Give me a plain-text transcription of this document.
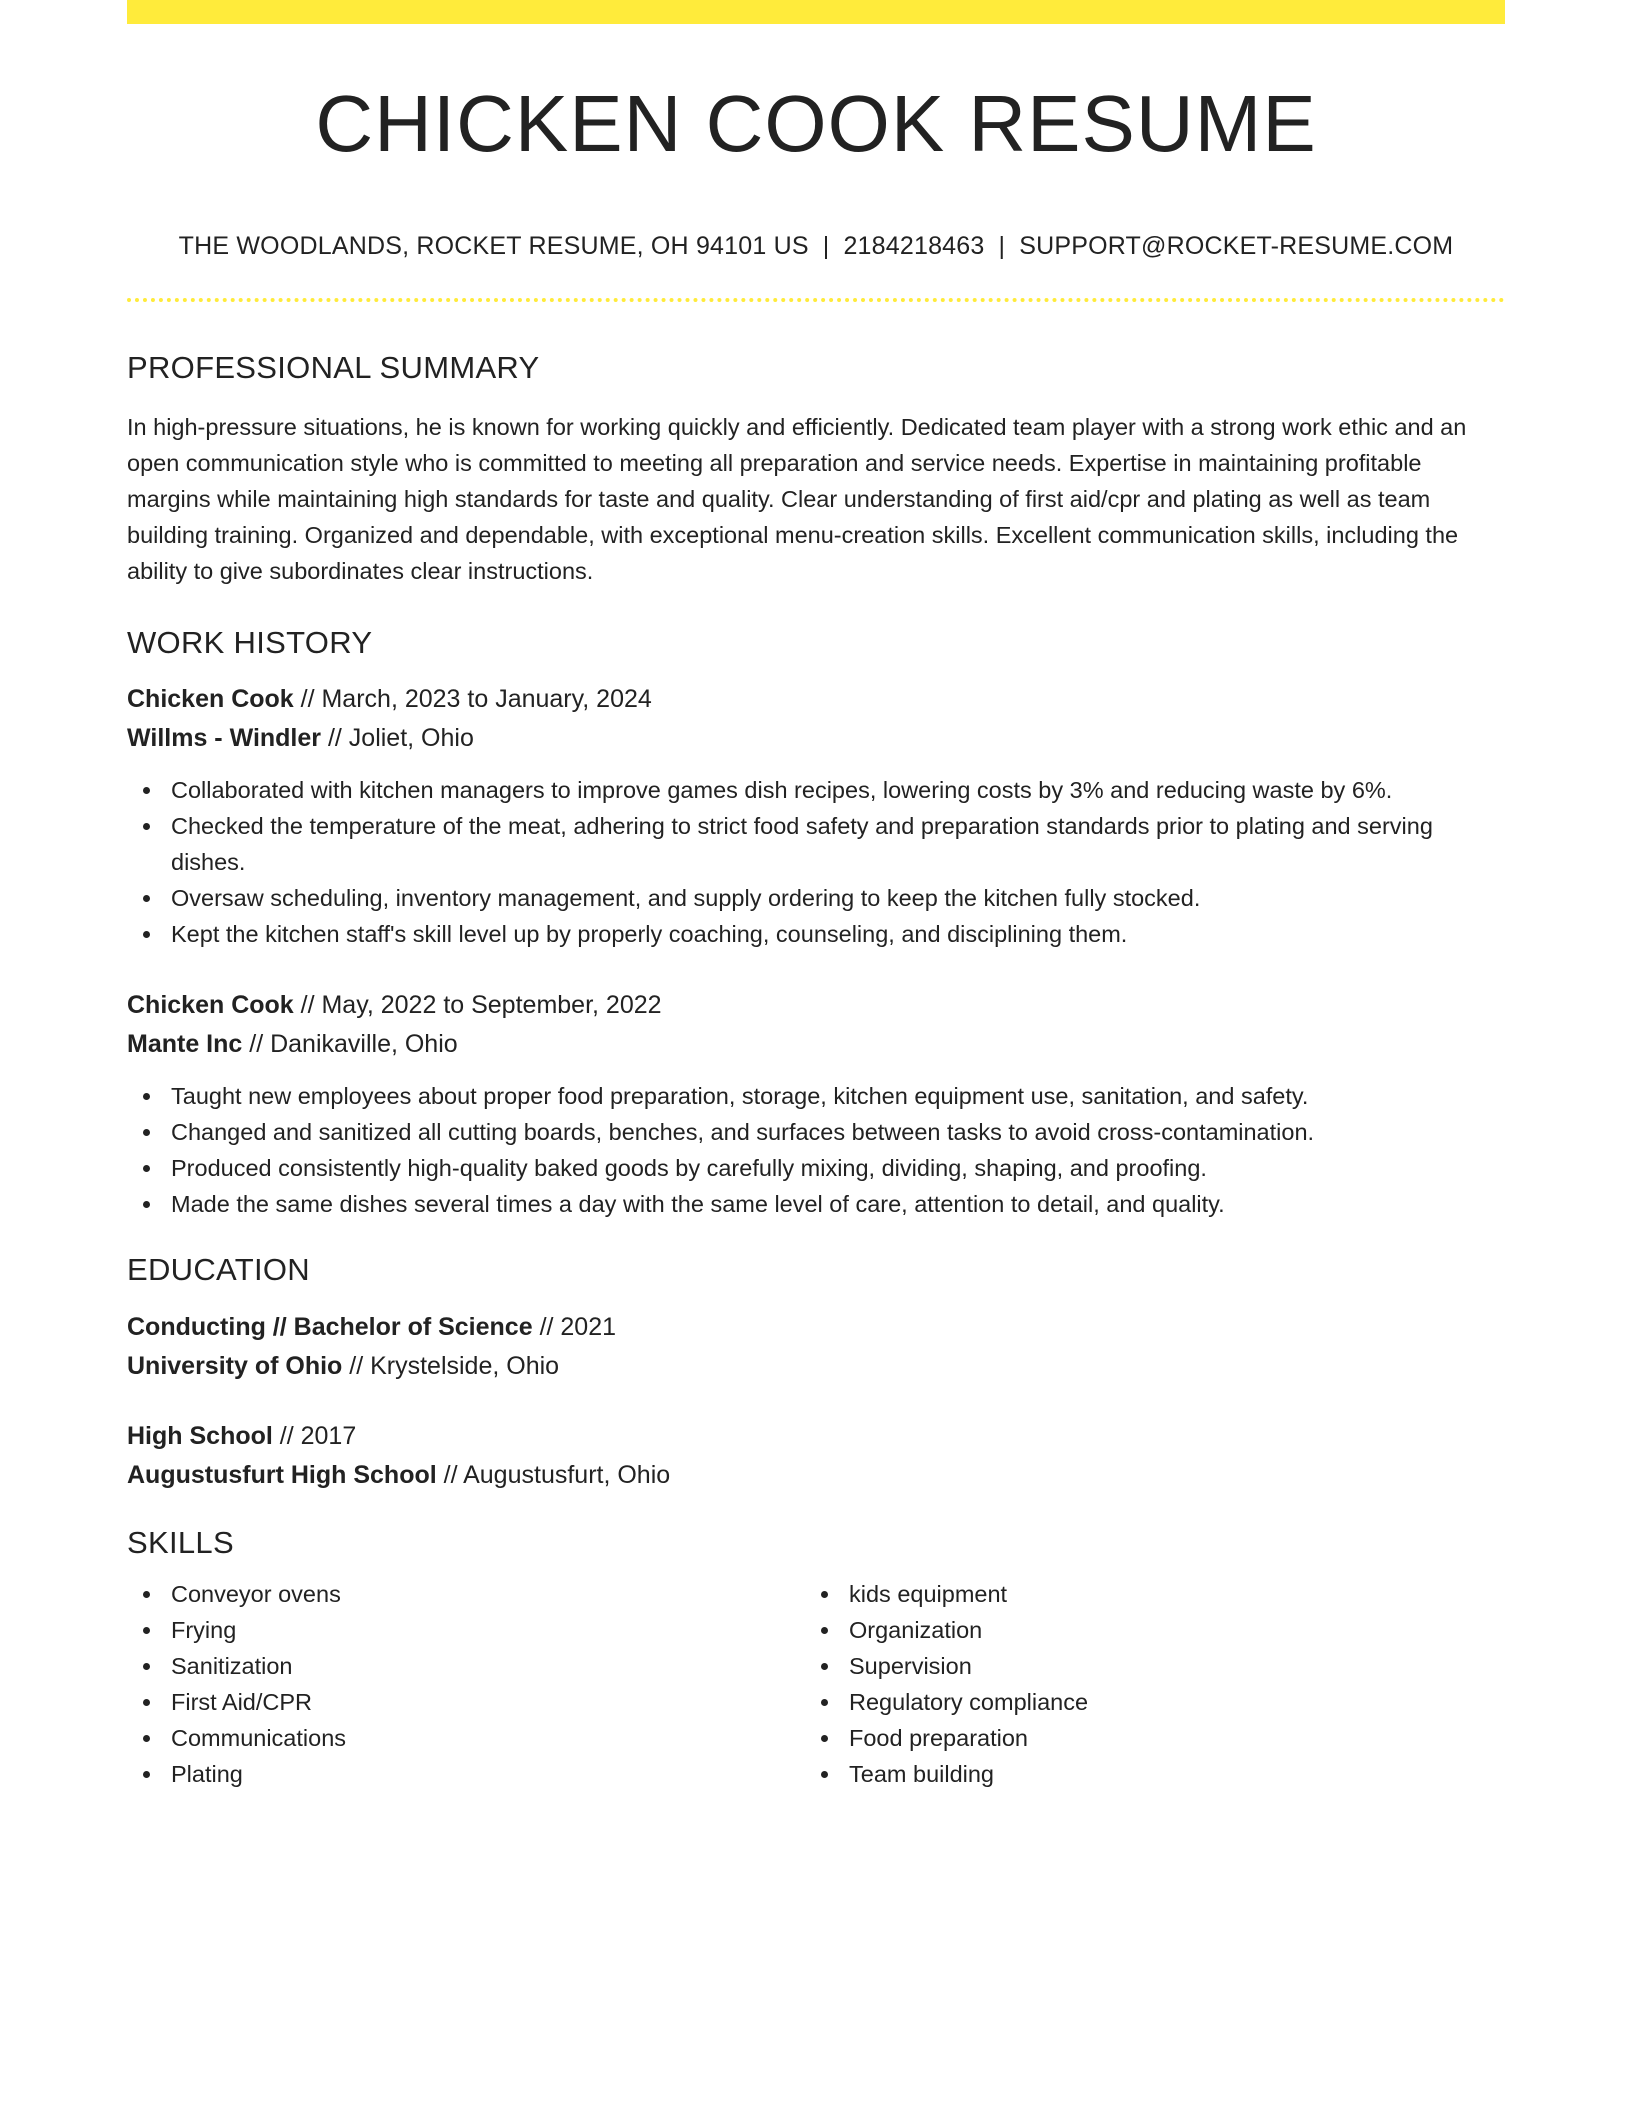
CHICKEN COOK RESUME
THE WOODLANDS, ROCKET RESUME, OH 94101 US | 2184218463 | SUPPORT@ROCKET-RESUME.COM
PROFESSIONAL SUMMARY
In high-pressure situations, he is known for working quickly and efficiently. Dedicated team player with a strong work ethic and an open communication style who is committed to meeting all preparation and service needs. Expertise in maintaining profitable margins while maintaining high standards for taste and quality. Clear understanding of first aid/cpr and plating as well as team building training. Organized and dependable, with exceptional menu-creation skills. Excellent communication skills, including the ability to give subordinates clear instructions.
WORK HISTORY
Chicken Cook // March, 2023 to January, 2024
Willms - Windler // Joliet, Ohio
Collaborated with kitchen managers to improve games dish recipes, lowering costs by 3% and reducing waste by 6%.
Checked the temperature of the meat, adhering to strict food safety and preparation standards prior to plating and serving dishes.
Oversaw scheduling, inventory management, and supply ordering to keep the kitchen fully stocked.
Kept the kitchen staff's skill level up by properly coaching, counseling, and disciplining them.
Chicken Cook // May, 2022 to September, 2022
Mante Inc // Danikaville, Ohio
Taught new employees about proper food preparation, storage, kitchen equipment use, sanitation, and safety.
Changed and sanitized all cutting boards, benches, and surfaces between tasks to avoid cross-contamination.
Produced consistently high-quality baked goods by carefully mixing, dividing, shaping, and proofing.
Made the same dishes several times a day with the same level of care, attention to detail, and quality.
EDUCATION
Conducting // Bachelor of Science // 2021
University of Ohio // Krystelside, Ohio
High School // 2017
Augustusfurt High School // Augustusfurt, Ohio
SKILLS
Conveyor ovens
Frying
Sanitization
First Aid/CPR
Communications
Plating
kids equipment
Organization
Supervision
Regulatory compliance
Food preparation
Team building
